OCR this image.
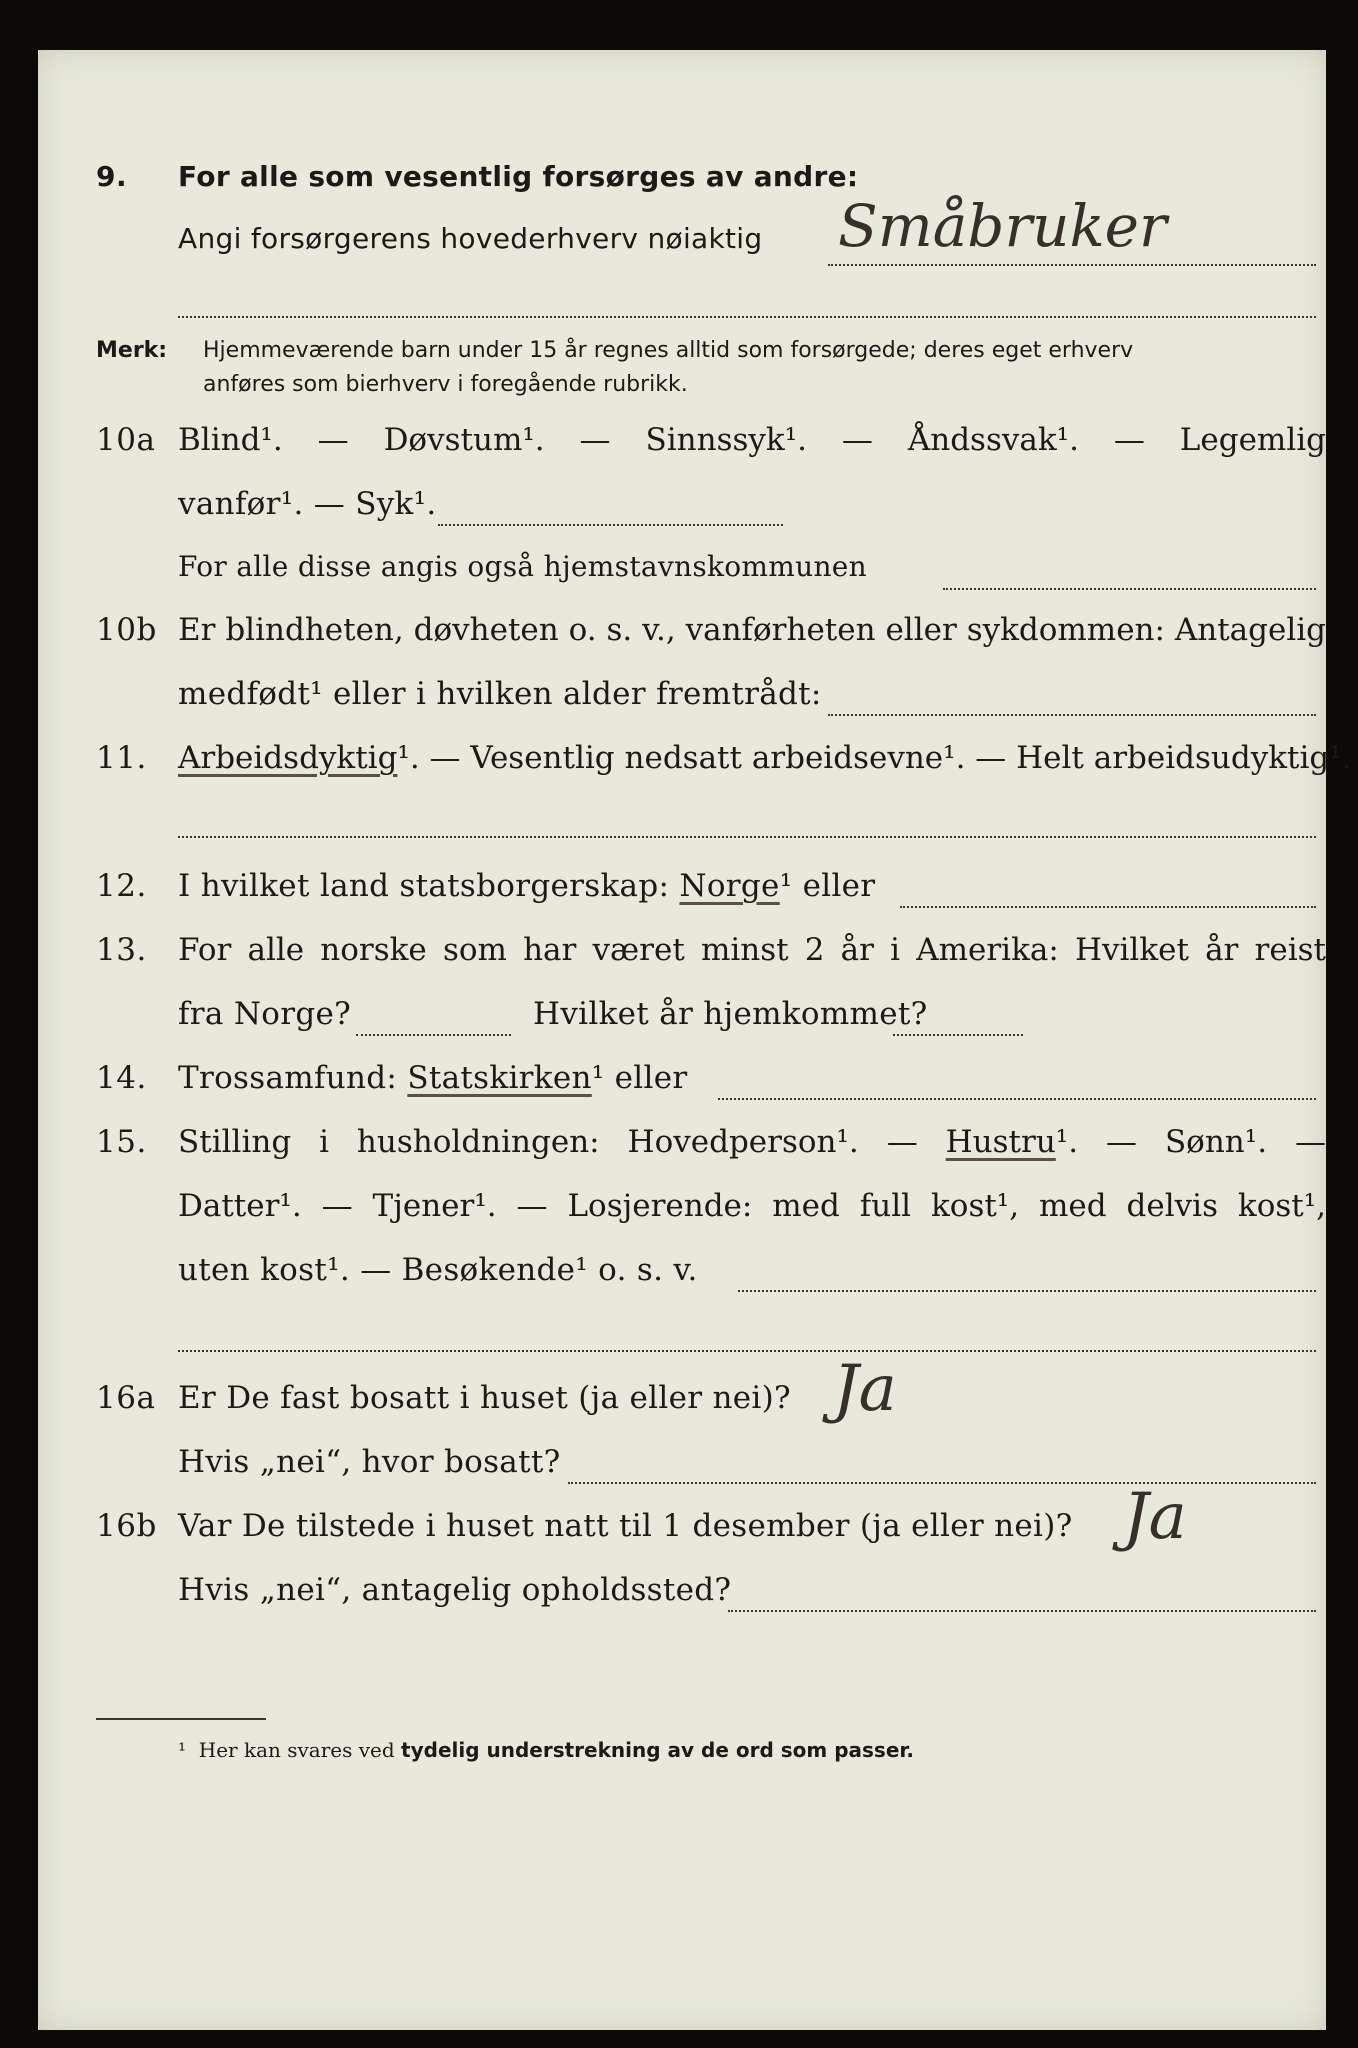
9. For alle som vesentlig forsørges av andre:
Angi forsørgerens hovederhverv nøiaktig Småbruker
Merk: Hjemmeværende barn under 15 år regnes alltid som forsørgede; deres eget erhverv
anføres som bierhverv i foregående rubrikk.
10a Blind¹. — Døvstum¹. — Sinnssyk¹. — Åndssvak¹. — Legemlig
vanfør¹. — Syk¹.
For alle disse angis også hjemstavnskommunen
10b Er blindheten, døvheten o. s. v., vanførheten eller sykdommen: Antagelig
medfødt¹ eller i hvilken alder fremtrådt:
11. Arbeidsdyktig¹. — Vesentlig nedsatt arbeidsevne¹. — Helt arbeidsudyktig¹.
12. I hvilket land statsborgerskap: Norge¹ eller
13. For alle norske som har været minst 2 år i Amerika: Hvilket år reist
fra Norge?	Hvilket år hjemkommet?
14. Trossamfund: Statskirken¹ eller
15. Stilling i husholdningen: Hovedperson¹. — Hustru¹. — Sønn¹. —
Datter¹. — Tjener¹. — Losjerende: med full kost¹, med delvis kost¹,
uten kost¹. — Besøkende¹ o. s. v.
16a Er De fast bosatt i huset (ja eller nei)? Ja
Hvis „nei“, hvor bosatt?
16b Var De tilstede i huset natt til 1 desember (ja eller nei)? Ja
Hvis „nei“, antagelig opholdssted?
¹ Her kan svares ved tydelig understrekning av de ord som passer.
